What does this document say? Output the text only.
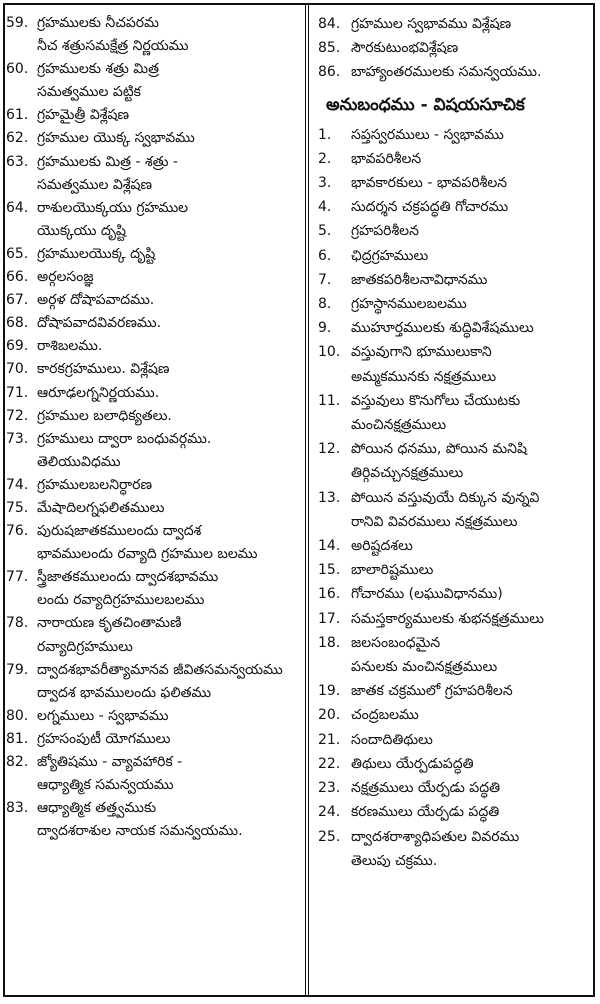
59. గ్రహములకు నీచపరమ
నీచ శత్రుసమక్షేత్ర నిర్ణయము
60. గ్రహములకు శత్రు మిత్ర
సమత్వముల పట్టిక
61. గ్రహమైత్రీ విశ్లేషణ
62. గ్రహముల యొక్క స్వభావము
63. గ్రహములకు మిత్ర - శత్రు -
సమత్వముల విశ్లేషణ
64. రాశులయొక్కయు గ్రహముల
యొక్కయు దృష్టి
65. గ్రహములయొక్క దృష్టి
66. అర్గలసంజ్ఞ
67. అర్గళ దోషాపవాదము.
68. దోషాపవాదవివరణము.
69. రాశిబలము.
70. కారకగ్రహములు. విశ్లేషణ
71. ఆరూఢలగ్ననిర్ణయము.
72. గ్రహముల బలాధిక్యతలు.
73. గ్రహములు ద్వారా బంధువర్గము.
తెలియువిధము
74. గ్రహములబలనిర్ధారణ
75. మేషాదిలగ్నఫలితములు
76. పురుషజాతకములందు ద్వాదశ
భావములందు రవ్యాది గ్రహముల బలము
77. స్త్రీజాతకములందు ద్వాదశభావము
లందు రవ్యాదిగ్రహములబలము
78. నారాయణ కృతచింతామణి
రవ్యాదిగ్రహములు
79. ద్వాదశభావరీత్యామానవ జీవితసమన్వయము
ద్వాదశ భావములందు ఫలితము
80. లగ్నములు - స్వభావము
81. గ్రహసంపుటీ యోగములు
82. జ్యోతిషము - వ్యావహారిక -
ఆధ్యాత్మిక సమన్వయము
83. ఆధ్యాత్మిక తత్త్వముకు
ద్వాదశరాశుల నాయక సమన్వయము.
84. గ్రహముల స్వభావము విశ్లేషణ
85. సౌరకుటుంభవిశ్లేషణ
86. బాహ్యాంతరములకు సమన్వయము.
అనుబంధము - విషయసూచిక
1.	సప్తస్వరములు - స్వభావము
2.	భావపరిశీలన
3.	భావకారకులు - భావపరిశీలన
4.	సుదర్శన చక్రపద్ధతి గోచారము
5.	గ్రహపరిశీలన
6.	ఛిద్రగ్రహములు
7.	జాతకపరిశీలనావిధానము
8.	గ్రహస్థానములబలము
9.	ముహూర్తములకు శుద్ధివిశేషములు
10. వస్తువుగాని భూములుకాని
అమ్మకమునకు నక్షత్రములు
11. వస్తువులు కొనుగోలు చేయుటకు
మంచినక్షత్రములు
12. పోయిన ధనము, పోయిన మనిషి
తిర్గివచ్చునక్షత్రములు
13. పోయిన వస్తువుయే దిక్కున వున్నవి
రానివి వివరములు నక్షత్రములు
14. అరిష్టదశలు
15. బాలారిష్టములు
16. గోచారము (లఘువిధానము)
17. సమస్తకార్యములకు శుభనక్షత్రములు
18. జలసంబంధమైన
పనులకు మంచినక్షత్రములు
19. జాతక చక్రములో గ్రహపరిశీలన
20. చంద్రబలము
21. సందాదితిథులు
22. తిథులు యేర్పడుపద్ధతి
23. నక్షత్రములు యేర్పడు పద్ధతి
24. కరణములు యేర్పడు పద్ధతి
25. ద్వాదశరాశ్యాధిపతుల వివరము
తెలుపు చక్రము.
